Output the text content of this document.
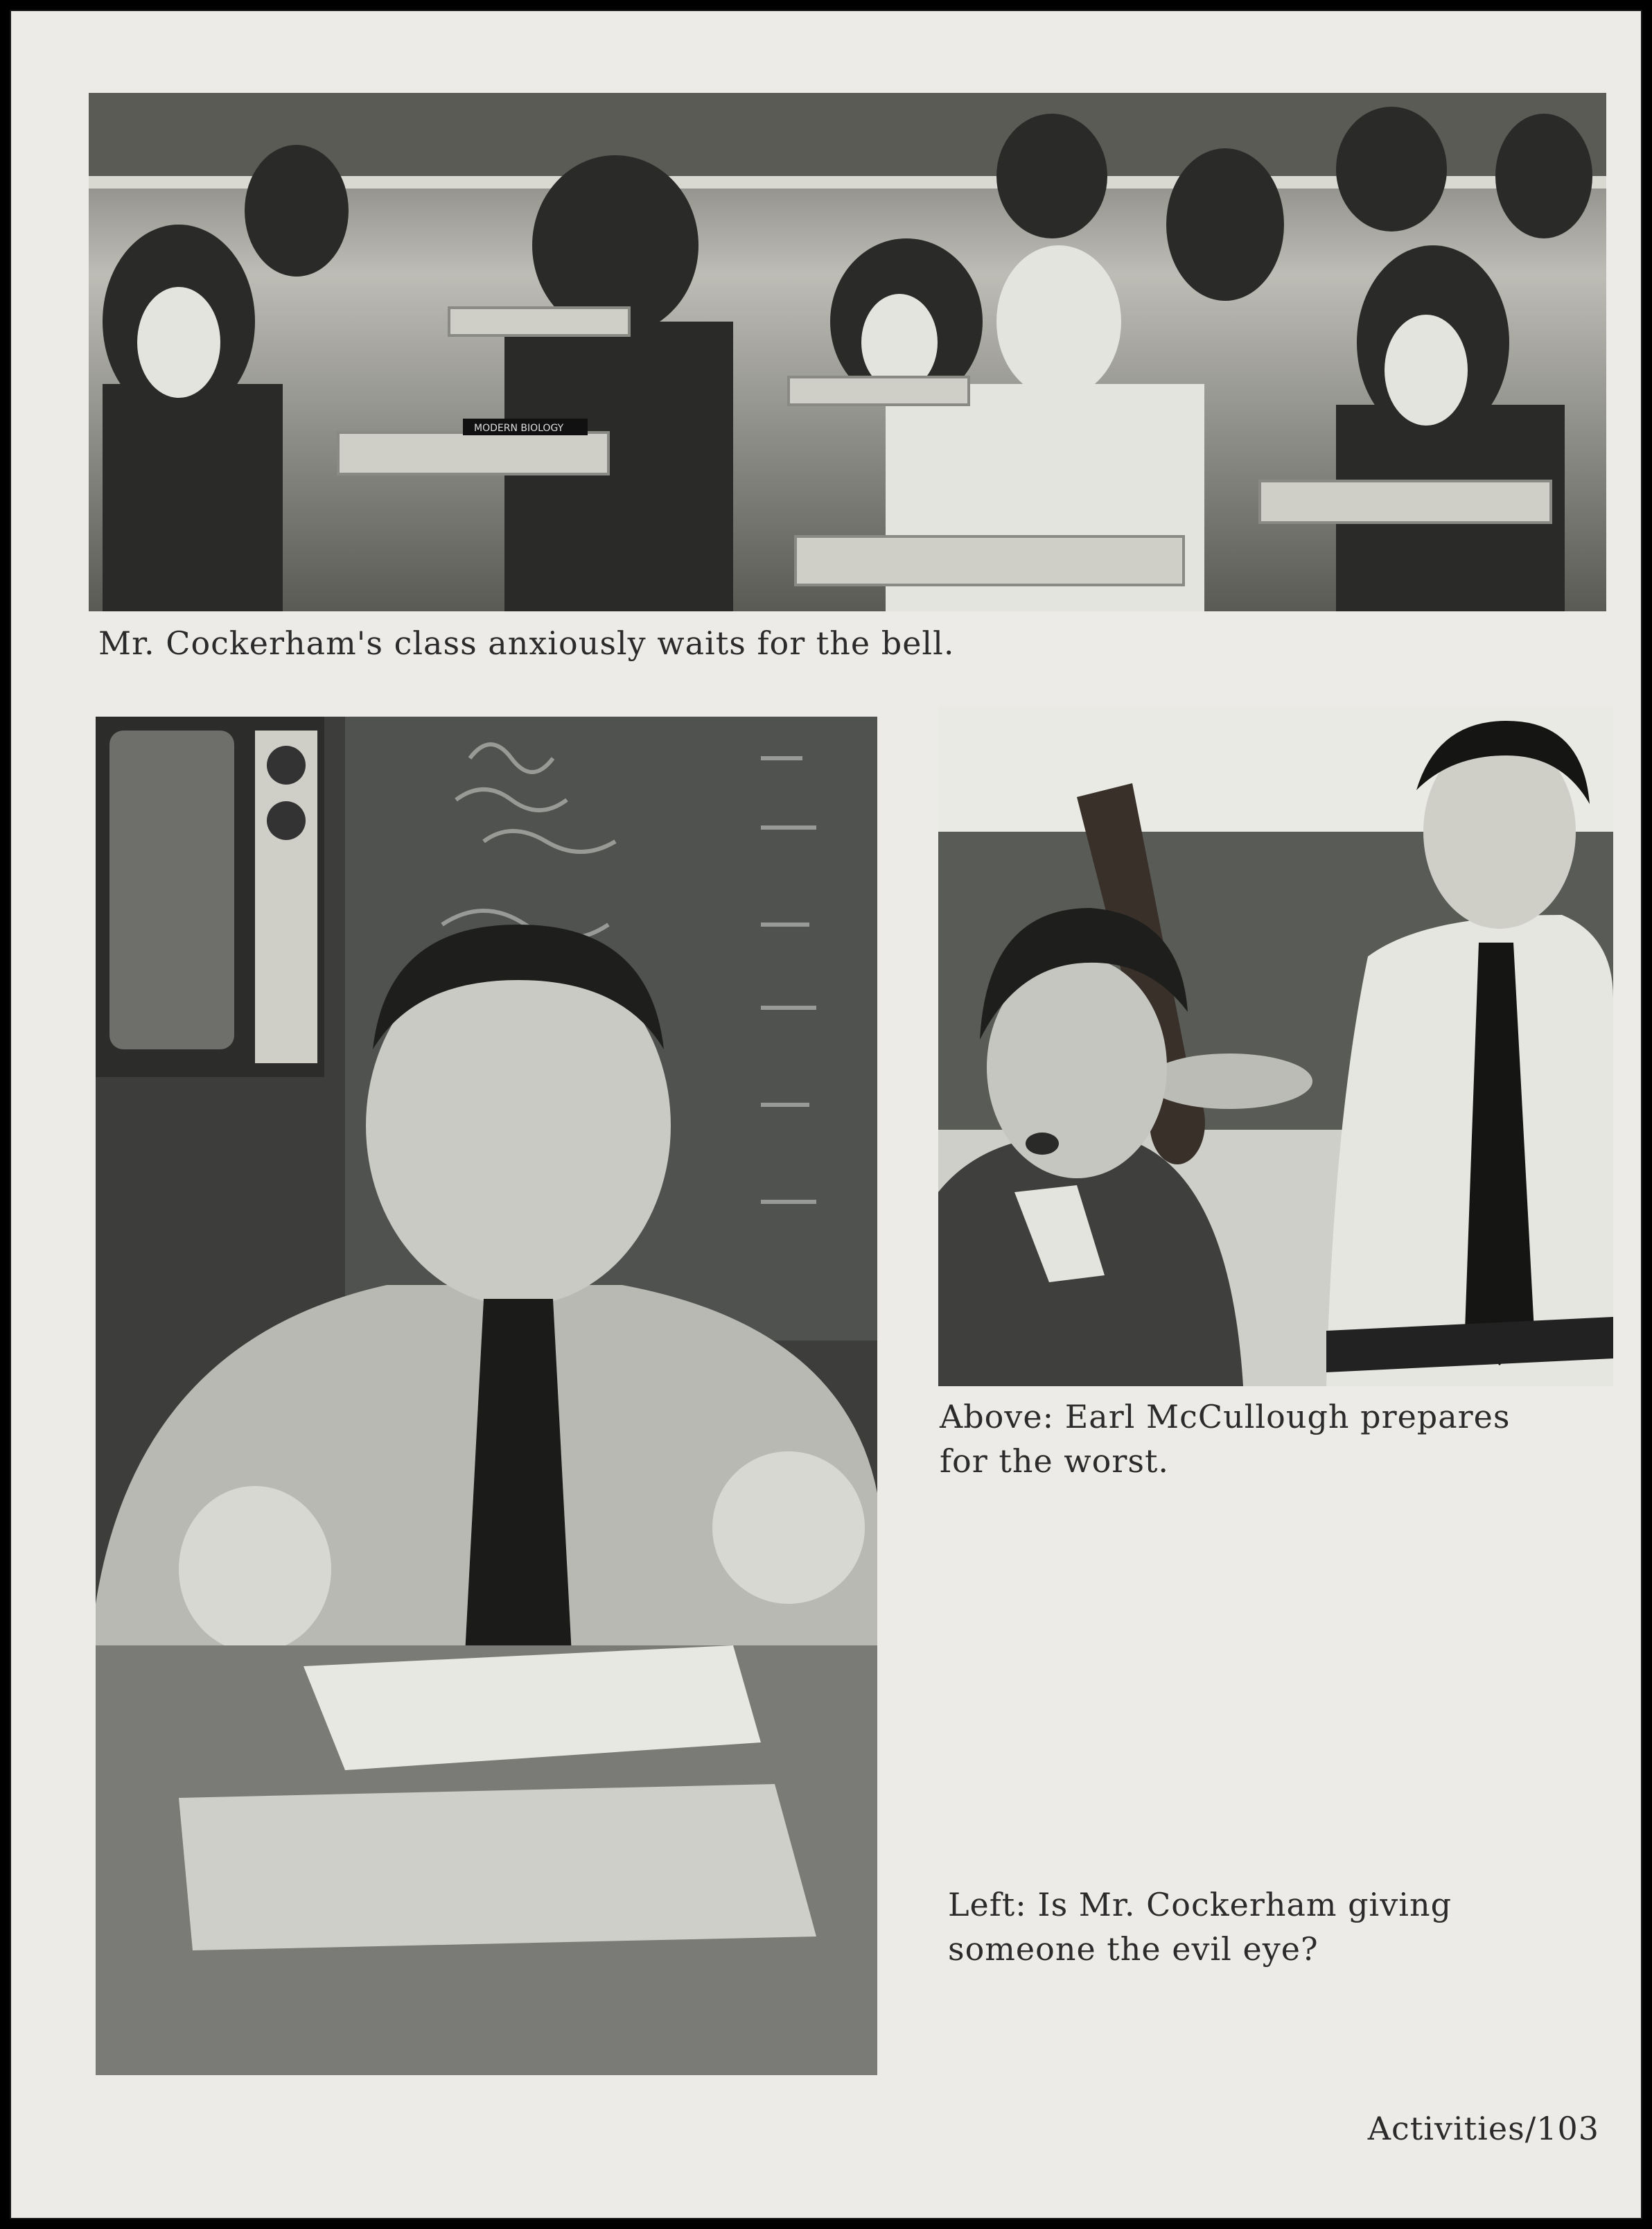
MODERN BIOLOGY
Mr. Cockerham's class anxiously waits for the bell.
Above: Earl McCullough prepares
for the worst.
Left: Is Mr. Cockerham giving
someone the evil eye?
Activities/103
